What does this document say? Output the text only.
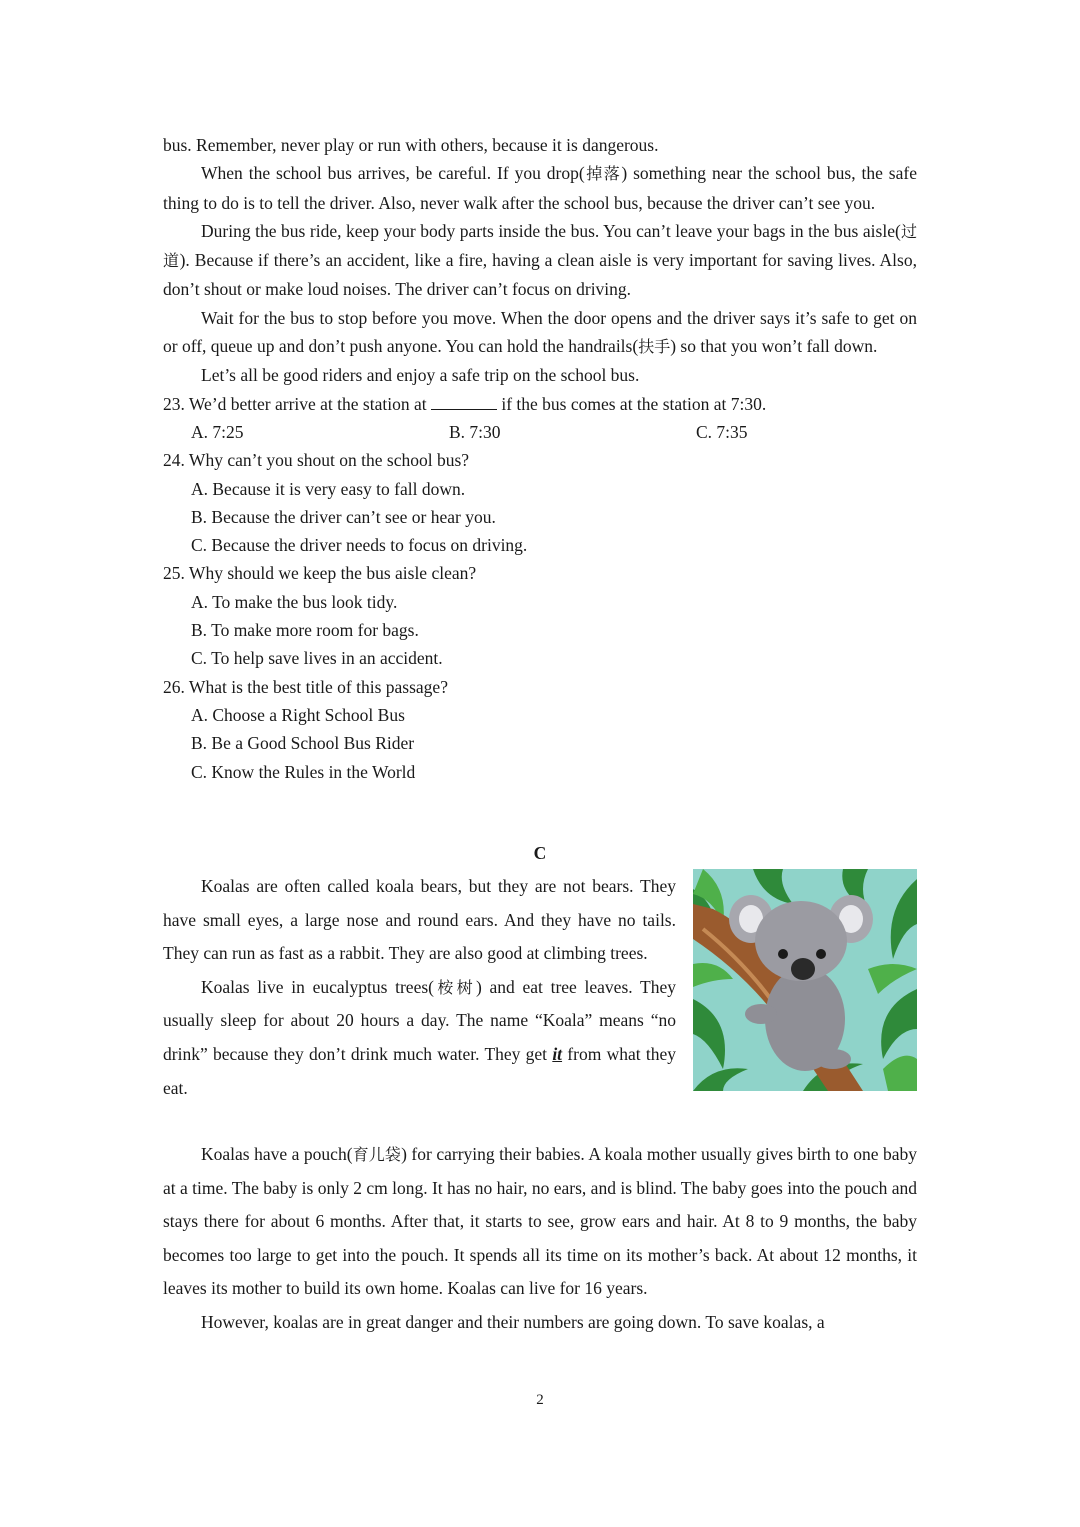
bus. Remember, never play or run with others, because it is dangerous.

When the school bus arrives, be careful. If you drop(掉落) something near the school bus, the safe thing to do is to tell the driver. Also, never walk after the school bus, because the driver can’t see you.

During the bus ride, keep your body parts inside the bus. You can’t leave your bags in the bus aisle(过道). Because if there’s an accident, like a fire, having a clean aisle is very important for saving lives. Also, don’t shout or make loud noises. The driver can’t focus on driving.

Wait for the bus to stop before you move. When the door opens and the driver says it’s safe to get on or off, queue up and don’t push anyone. You can hold the handrails(扶手) so that you won’t fall down.

Let’s all be good riders and enjoy a safe trip on the school bus.

23. We’d better arrive at the station at	if the bus comes at the station at 7:30.

A. 7:25	B. 7:30	C. 7:35

24. Why can’t you shout on the school bus?

A. Because it is very easy to fall down.

B. Because the driver can’t see or hear you.

C. Because the driver needs to focus on driving.

25. Why should we keep the bus aisle clean?

A. To make the bus look tidy.

B. To make more room for bags.

C. To help save lives in an accident.

26. What is the best title of this passage?

A. Choose a Right School Bus

B. Be a Good School Bus Rider

C. Know the Rules in the World

C

Koalas are often called koala bears, but they are not bears. They have small eyes, a large nose and round ears. And they have no tails. They can run as fast as a rabbit. They are also good at climbing trees.

Koalas live in eucalyptus trees(桉树) and eat tree leaves. They usually sleep for about 20 hours a day. The name “Koala” means “no drink” because they don’t drink much water. They get it from what they eat.

Koalas have a pouch(育儿袋) for carrying their babies. A koala mother usually gives birth to one baby at a time. The baby is only 2 cm long. It has no hair, no ears, and is blind. The baby goes into the pouch and stays there for about 6 months. After that, it starts to see, grow ears and hair. At 8 to 9 months, the baby becomes too large to get into the pouch. It spends all its time on its mother’s back. At about 12 months, it leaves its mother to build its own home. Koalas can live for 16 years.

However, koalas are in great danger and their numbers are going down. To save koalas, a

2
